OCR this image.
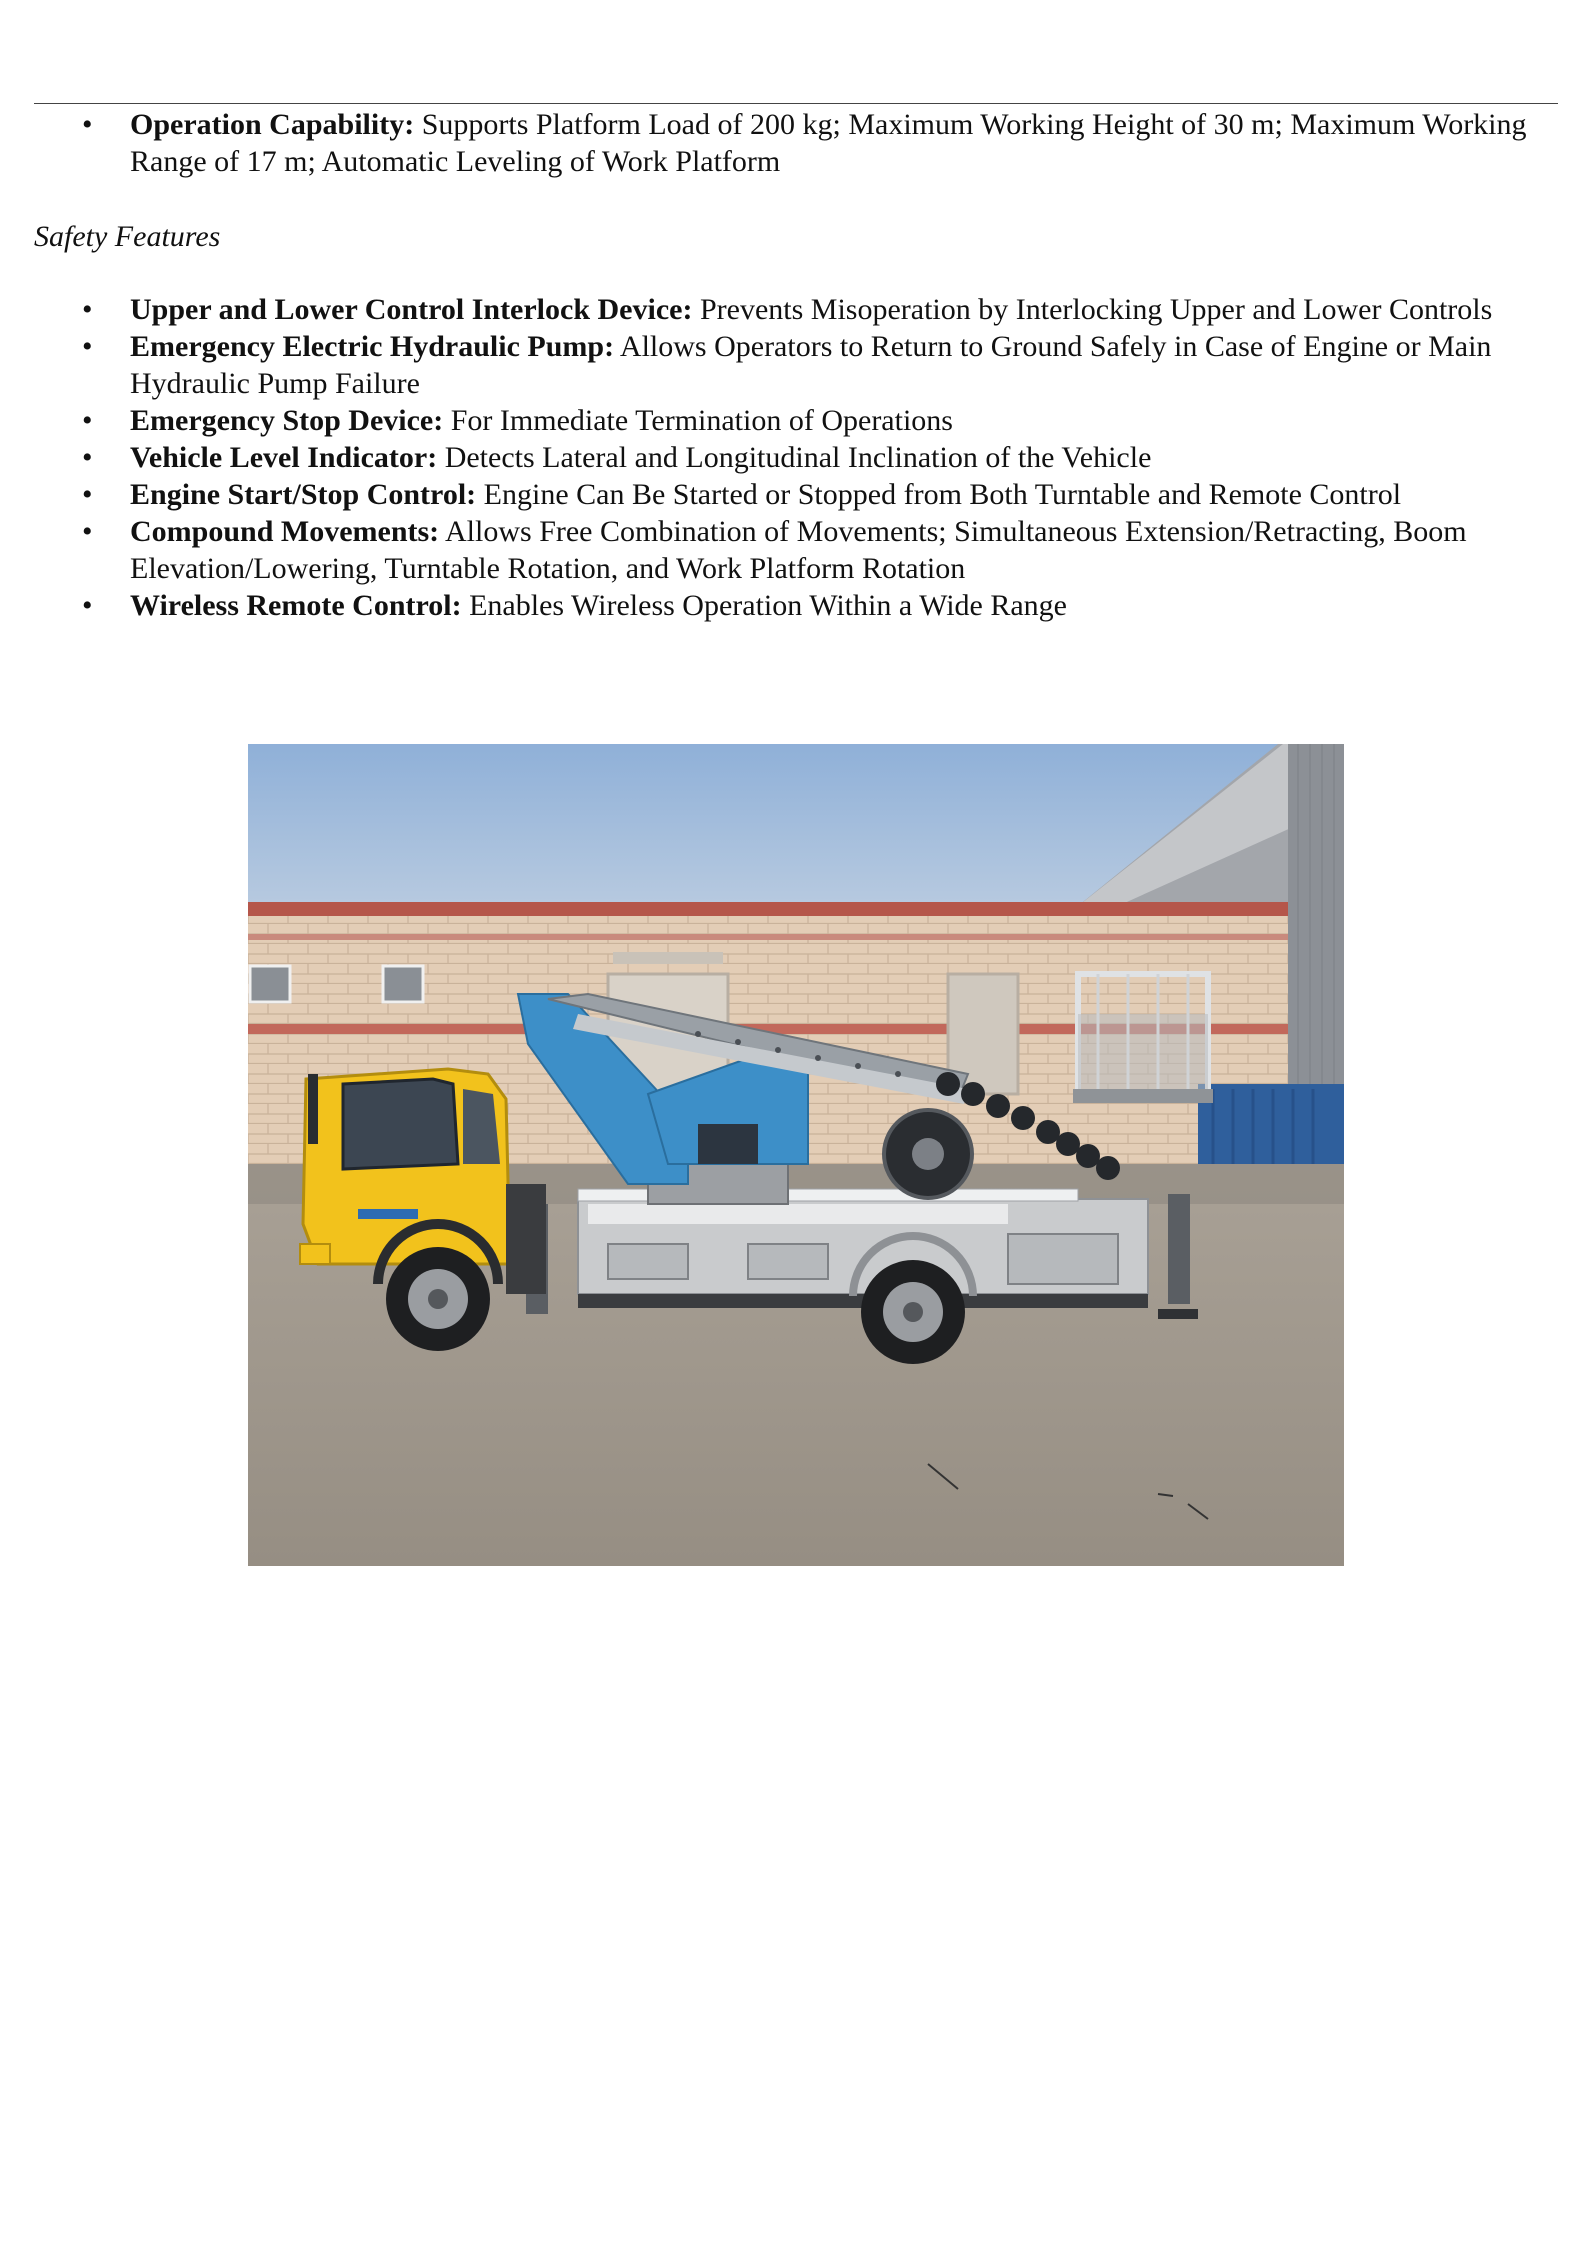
• Operation Capability: Supports Platform Load of 200 kg; Maximum Working Height of 30 m; Maximum Working Range of 17 m; Automatic Leveling of Work Platform
Safety Features
• Upper and Lower Control Interlock Device: Prevents Misoperation by Interlocking Upper and Lower Controls
• Emergency Electric Hydraulic Pump: Allows Operators to Return to Ground Safely in Case of Engine or Main Hydraulic Pump Failure
• Emergency Stop Device: For Immediate Termination of Operations
• Vehicle Level Indicator: Detects Lateral and Longitudinal Inclination of the Vehicle
• Engine Start/Stop Control: Engine Can Be Started or Stopped from Both Turntable and Remote Control
• Compound Movements: Allows Free Combination of Movements; Simultaneous Extension/Retracting, Boom Elevation/Lowering, Turntable Rotation, and Work Platform Rotation
• Wireless Remote Control: Enables Wireless Operation Within a Wide Range
